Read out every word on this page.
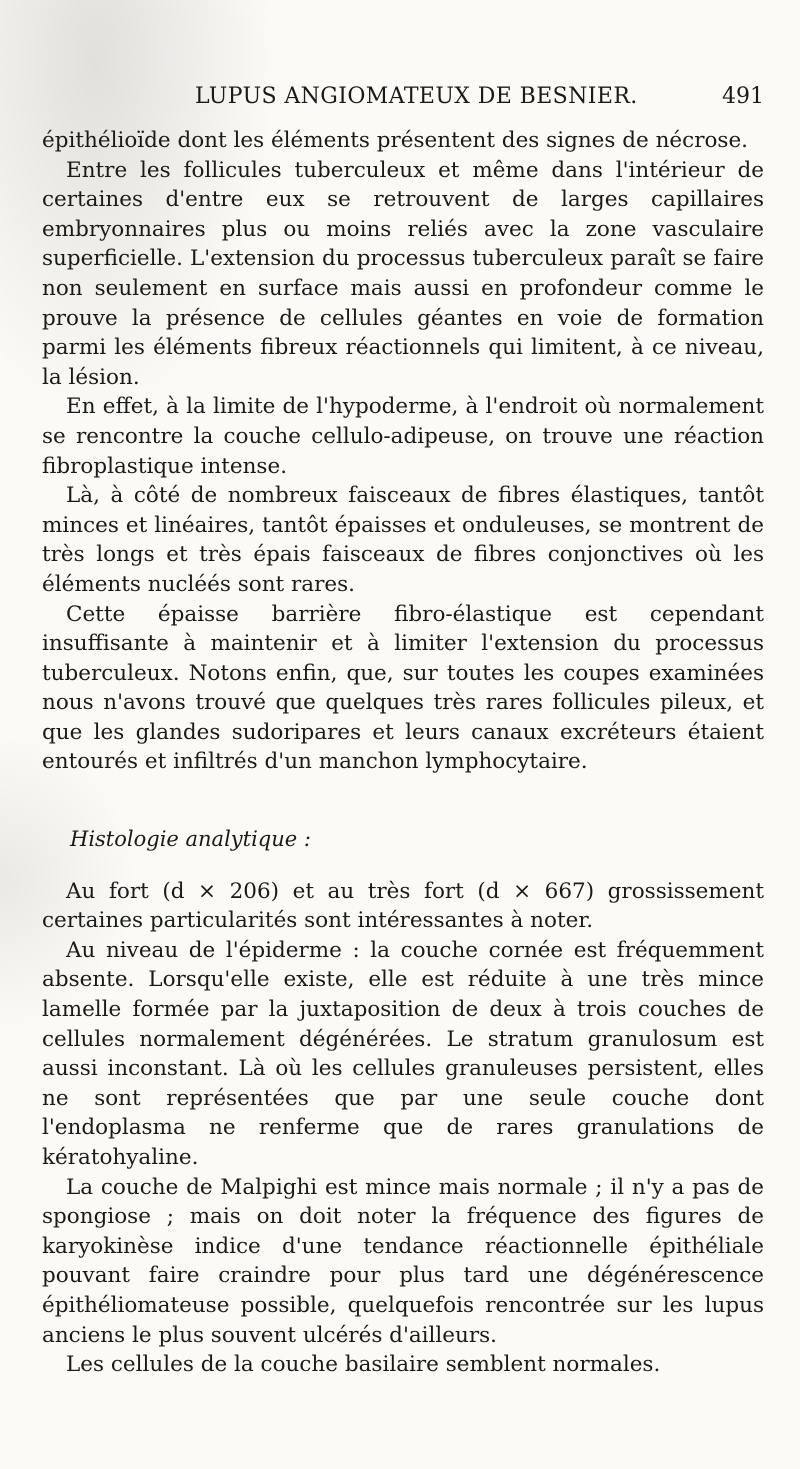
LUPUS ANGIOMATEUX DE BESNIER.	491

épithélioïde dont les éléments présentent des signes de nécrose.

Entre les follicules tuberculeux et même dans l'intérieur de certaines d'entre eux se retrouvent de larges capillaires embryonnaires plus ou moins reliés avec la zone vasculaire superficielle. L'extension du processus tuberculeux paraît se faire non seulement en surface mais aussi en profondeur comme le prouve la présence de cellules géantes en voie de formation parmi les éléments fibreux réactionnels qui limitent, à ce niveau, la lésion.

En effet, à la limite de l'hypoderme, à l'endroit où normalement se rencontre la couche cellulo-adipeuse, on trouve une réaction fibroplastique intense.

Là, à côté de nombreux faisceaux de fibres élastiques, tantôt minces et linéaires, tantôt épaisses et onduleuses, se montrent de très longs et très épais faisceaux de fibres conjonctives où les éléments nucléés sont rares.

Cette épaisse barrière fibro-élastique est cependant insuffisante à maintenir et à limiter l'extension du processus tuberculeux. Notons enfin, que, sur toutes les coupes examinées nous n'avons trouvé que quelques très rares follicules pileux, et que les glandes sudoripares et leurs canaux excréteurs étaient entourés et infiltrés d'un manchon lymphocytaire.

Histologie analytique :

Au fort (d × 206) et au très fort (d × 667) grossissement certaines particularités sont intéressantes à noter.

Au niveau de l'épiderme : la couche cornée est fréquemment absente. Lorsqu'elle existe, elle est réduite à une très mince lamelle formée par la juxtaposition de deux à trois couches de cellules normalement dégénérées. Le stratum granulosum est aussi inconstant. Là où les cellules granuleuses persistent, elles ne sont représentées que par une seule couche dont l'endoplasma ne renferme que de rares granulations de kératohyaline.

La couche de Malpighi est mince mais normale ; il n'y a pas de spongiose ; mais on doit noter la fréquence des figures de karyokinèse indice d'une tendance réactionnelle épithéliale pouvant faire craindre pour plus tard une dégénérescence épithéliomateuse possible, quelquefois rencontrée sur les lupus anciens le plus souvent ulcérés d'ailleurs.

Les cellules de la couche basilaire semblent normales.
